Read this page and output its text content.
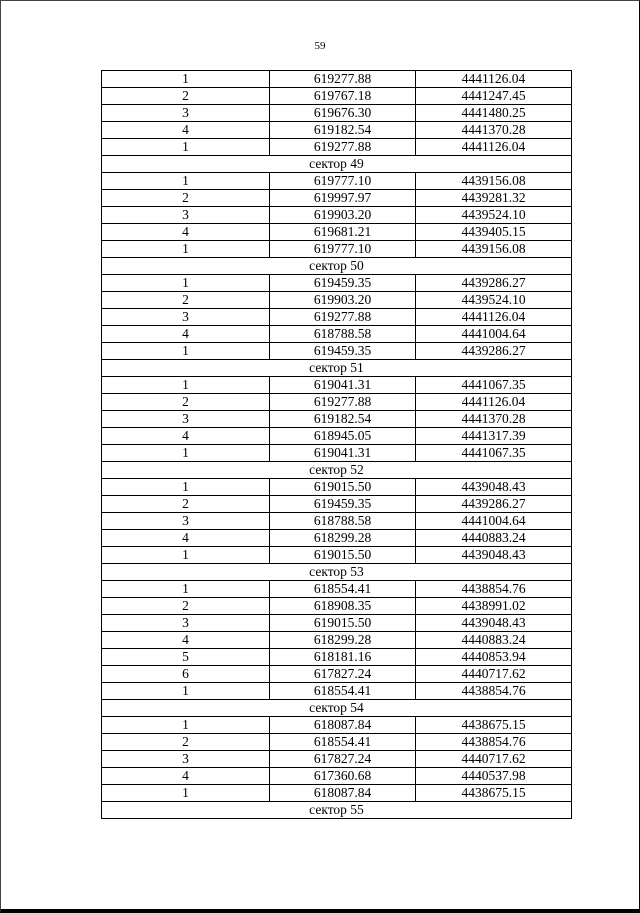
59
1	619277.88	4441126.04
2	619767.18	4441247.45
3	619676.30	4441480.25
4	619182.54	4441370.28
1	619277.88	4441126.04
сектор 49		
1	619777.10	4439156.08
2	619997.97	4439281.32
3	619903.20	4439524.10
4	619681.21	4439405.15
1	619777.10	4439156.08
сектор 50		
1	619459.35	4439286.27
2	619903.20	4439524.10
3	619277.88	4441126.04
4	618788.58	4441004.64
1	619459.35	4439286.27
сектор 51		
1	619041.31	4441067.35
2	619277.88	4441126.04
3	619182.54	4441370.28
4	618945.05	4441317.39
1	619041.31	4441067.35
сектор 52		
1	619015.50	4439048.43
2	619459.35	4439286.27
3	618788.58	4441004.64
4	618299.28	4440883.24
1	619015.50	4439048.43
сектор 53		
1	618554.41	4438854.76
2	618908.35	4438991.02
3	619015.50	4439048.43
4	618299.28	4440883.24
5	618181.16	4440853.94
6	617827.24	4440717.62
1	618554.41	4438854.76
сектор 54		
1	618087.84	4438675.15
2	618554.41	4438854.76
3	617827.24	4440717.62
4	617360.68	4440537.98
1	618087.84	4438675.15
сектор 55		
